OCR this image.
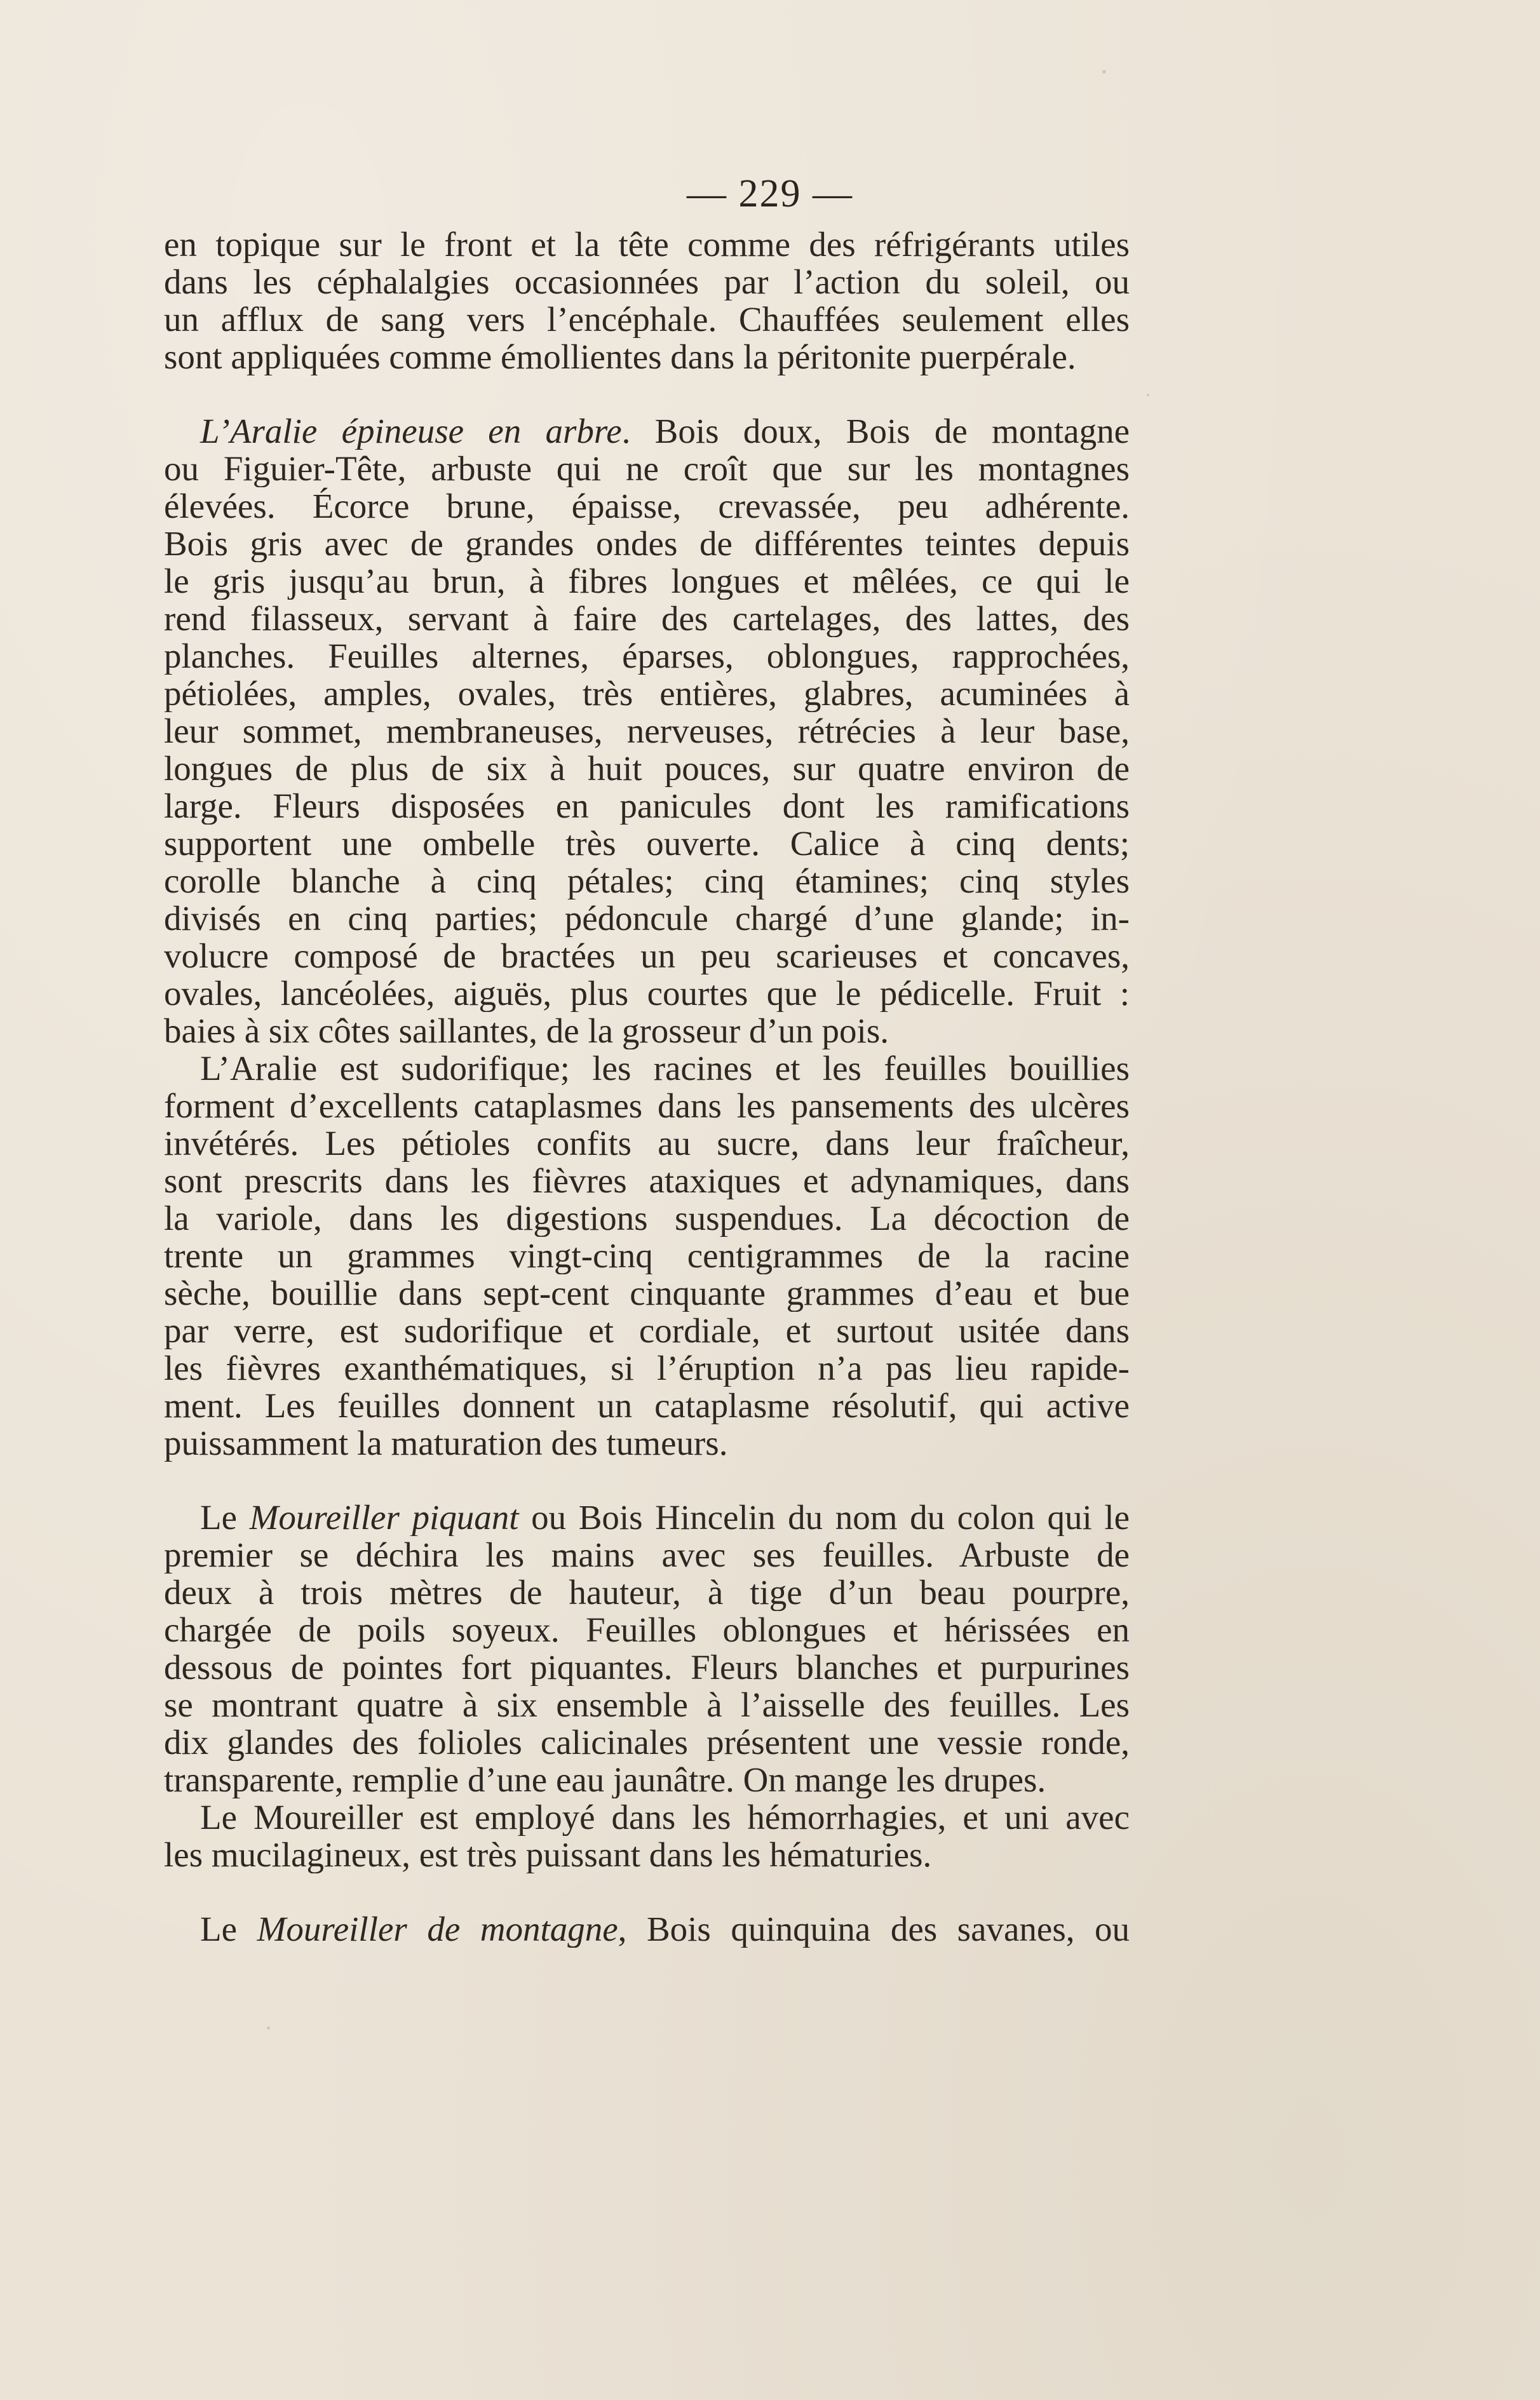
— 229 —
en topique sur le front et la tête comme des réfrigérants utiles
dans les céphalalgies occasionnées par l’action du soleil, ou
un afflux de sang vers l’encéphale. Chauffées seulement elles
sont appliquées comme émollientes dans la péritonite puerpérale.
L’Aralie épineuse en arbre. Bois doux, Bois de montagne
ou Figuier-Tête, arbuste qui ne croît que sur les montagnes
élevées. Écorce brune, épaisse, crevassée, peu adhérente.
Bois gris avec de grandes ondes de différentes teintes depuis
le gris jusqu’au brun, à fibres longues et mêlées, ce qui le
rend filasseux, servant à faire des cartelages, des lattes, des
planches. Feuilles alternes, éparses, oblongues, rapprochées,
pétiolées, amples, ovales, très entières, glabres, acuminées à
leur sommet, membraneuses, nerveuses, rétrécies à leur base,
longues de plus de six à huit pouces, sur quatre environ de
large. Fleurs disposées en panicules dont les ramifications
supportent une ombelle très ouverte. Calice à cinq dents;
corolle blanche à cinq pétales; cinq étamines; cinq styles
divisés en cinq parties; pédoncule chargé d’une glande; in-
volucre composé de bractées un peu scarieuses et concaves,
ovales, lancéolées, aiguës, plus courtes que le pédicelle. Fruit :
baies à six côtes saillantes, de la grosseur d’un pois.
L’Aralie est sudorifique; les racines et les feuilles bouillies
forment d’excellents cataplasmes dans les pansements des ulcères
invétérés. Les pétioles confits au sucre, dans leur fraîcheur,
sont prescrits dans les fièvres ataxiques et adynamiques, dans
la variole, dans les digestions suspendues. La décoction de
trente un grammes vingt-cinq centigrammes de la racine
sèche, bouillie dans sept-cent cinquante grammes d’eau et bue
par verre, est sudorifique et cordiale, et surtout usitée dans
les fièvres exanthématiques, si l’éruption n’a pas lieu rapide-
ment. Les feuilles donnent un cataplasme résolutif, qui active
puissamment la maturation des tumeurs.
Le Moureiller piquant ou Bois Hincelin du nom du colon qui le
premier se déchira les mains avec ses feuilles. Arbuste de
deux à trois mètres de hauteur, à tige d’un beau pourpre,
chargée de poils soyeux. Feuilles oblongues et hérissées en
dessous de pointes fort piquantes. Fleurs blanches et purpurines
se montrant quatre à six ensemble à l’aisselle des feuilles. Les
dix glandes des folioles calicinales présentent une vessie ronde,
transparente, remplie d’une eau jaunâtre. On mange les drupes.
Le Moureiller est employé dans les hémorrhagies, et uni avec
les mucilagineux, est très puissant dans les hématuries.
Le Moureiller de montagne, Bois quinquina des savanes, ou
